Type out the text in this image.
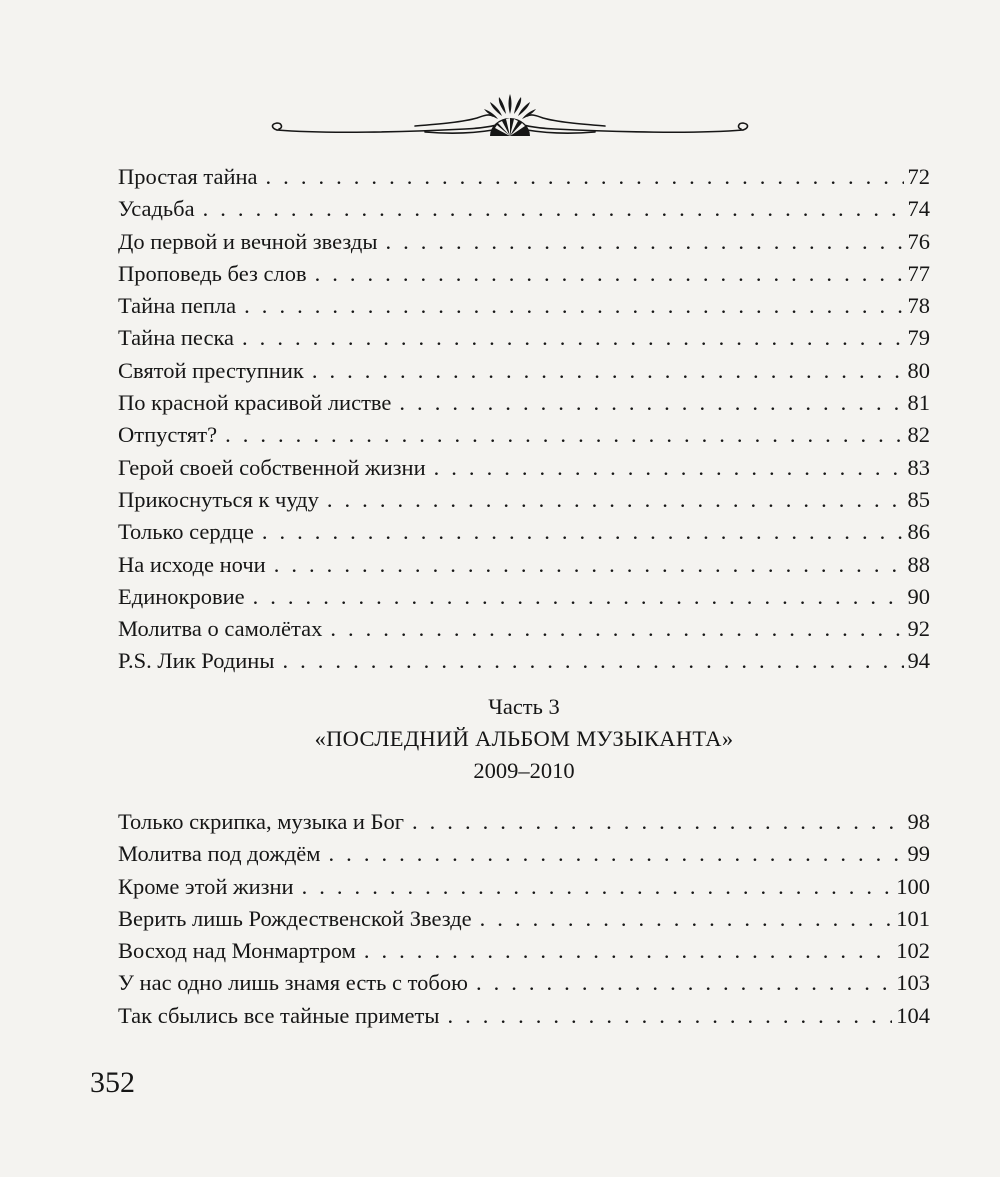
Простая тайна . . .	72
Усадьба . . .	74
До первой и вечной звезды . . .	76
Проповедь без слов . . .	77
Тайна пепла . . .	78
Тайна песка . . .	79
Святой преступник . . .	80
По красной красивой листве . . .	81
Отпустят? . . .	82
Герой своей собственной жизни . . .	83
Прикоснуться к чуду . . .	85
Только сердце . . .	86
На исходе ночи . . .	88
Единокровие . . .	90
Молитва о самолётах . . .	92
P.S. Лик Родины . . .	94
Часть 3
«ПОСЛЕДНИЙ АЛЬБОМ МУЗЫКАНТА»
2009–2010
Только скрипка, музыка и Бог . . .	98
Молитва под дождём . . .	99
Кроме этой жизни . . .	100
Верить лишь Рождественской Звезде . . .	101
Восход над Монмартром . . .	102
У нас одно лишь знамя есть с тобою . . .	103
Так сбылись все тайные приметы . . .	104
352
